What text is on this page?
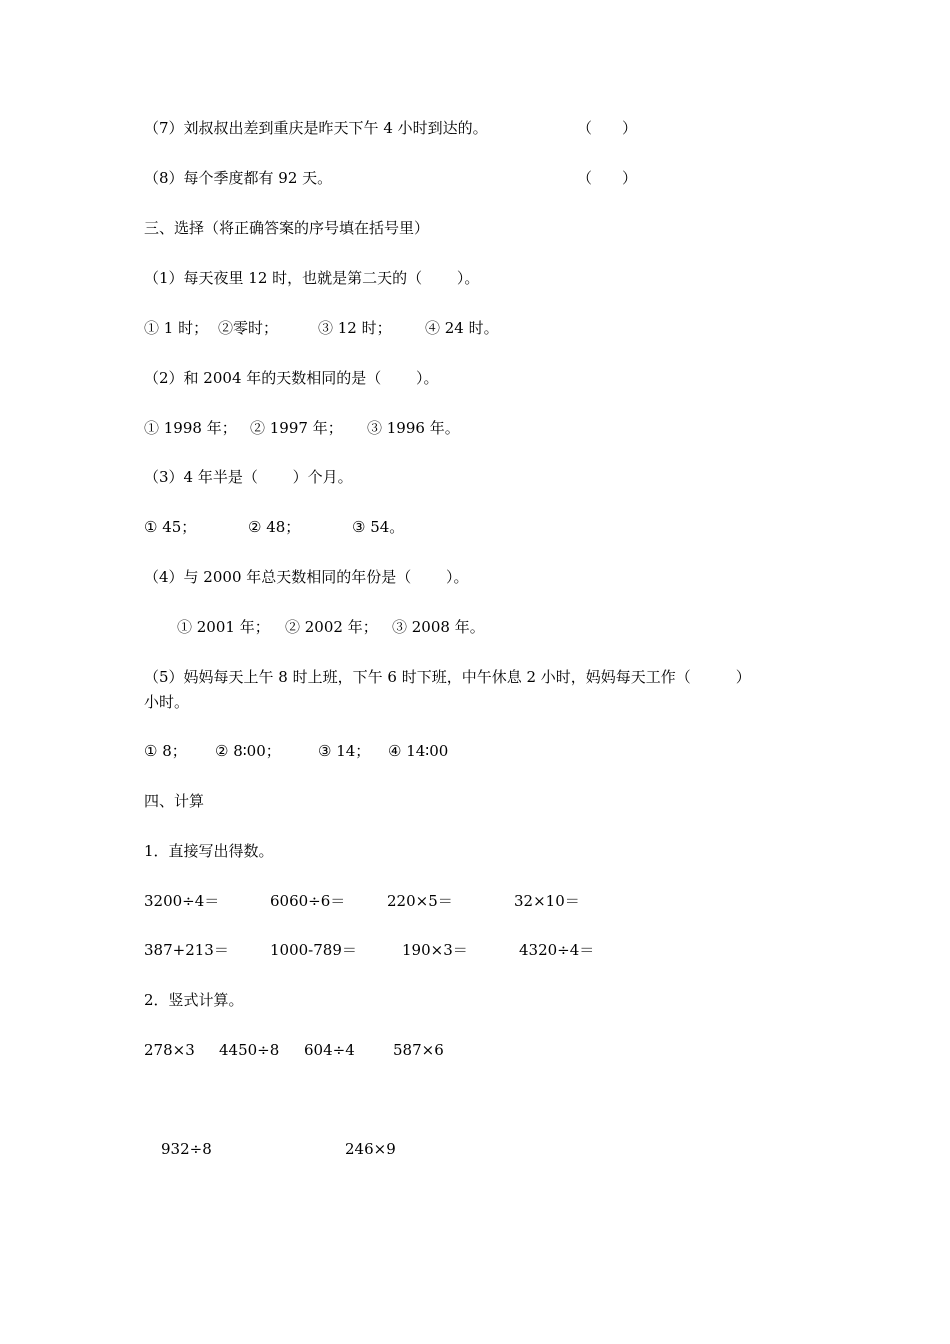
（7）刘叔叔出差到重庆是昨天下午 4 小时到达的。	（　　）
（8）每个季度都有 92 天。	（　　）
三、选择（将正确答案的序号填在括号里）
（1）每天夜里 12 时，也就是第二天的（　　 ）。
① 1 时； ②零时；	③ 12 时； ④ 24 时。
（2）和 2004 年的天数相同的是（　　 ）。
① 1998 年； ② 1997 年； ③ 1996 年。
（3）4 年半是（　　 ）个月。
① 45；	② 48；	③ 54。
（4）与 2000 年总天数相同的年份是（　　 ）。
① 2001 年； ② 2002 年； ③ 2008 年。
（5）妈妈每天上午 8 时上班，下午 6 时下班，中午休息 2 小时，妈妈每天工作（　　　）
小时。
① 8； ② 8∶00； ③ 14； ④ 14∶00
四、计算
1．直接写出得数。
3200÷4＝	6060÷6＝	220×5＝	32×10＝
387+213＝	1000-789＝	190×3＝	4320÷4＝
2．竖式计算。
278×3 4450÷8 604÷4	587×6
932÷8	246×9
